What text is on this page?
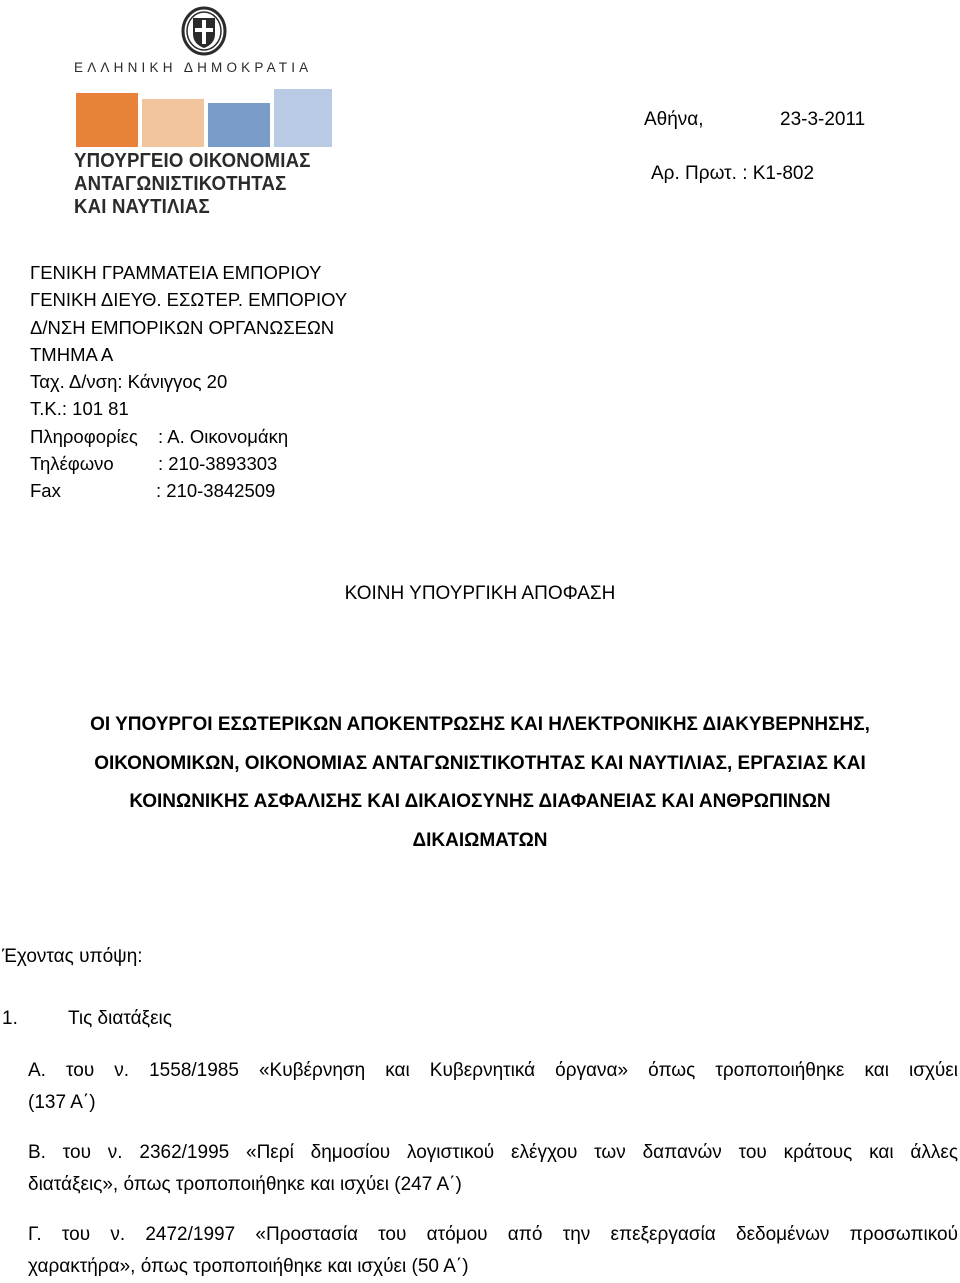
ΕΛΛΗΝΙΚΗ ΔΗΜΟΚΡΑΤΙΑ
ΥΠΟΥΡΓΕΙΟ ΟΙΚΟΝΟΜΙΑΣ
ΑΝΤΑΓΩΝΙΣΤΙΚΟΤΗΤΑΣ
ΚΑΙ ΝΑΥΤΙΛΙΑΣ
Αθήνα,	23-3-2011
Αρ. Πρωτ. : Κ1-802
ΓΕΝΙΚΗ ΓΡΑΜΜΑΤΕΙΑ ΕΜΠΟΡΙΟΥ
ΓΕΝΙΚΗ ΔΙΕΥΘ. ΕΣΩΤΕΡ. ΕΜΠΟΡΙΟΥ
Δ/ΝΣΗ ΕΜΠΟΡΙΚΩΝ ΟΡΓΑΝΩΣΕΩΝ
ΤΜΗΜΑ Α
Ταχ. Δ/νση: Κάνιγγος 20
Τ.Κ.: 101 81
Πληροφορίες : Α. Οικονομάκη
Τηλέφωνο : 210-3893303
Fax	: 210-3842509
ΚΟΙΝΗ ΥΠΟΥΡΓΙΚΗ ΑΠΟΦΑΣΗ
ΟΙ ΥΠΟΥΡΓΟΙ ΕΣΩΤΕΡΙΚΩΝ ΑΠΟΚΕΝΤΡΩΣΗΣ ΚΑΙ ΗΛΕΚΤΡΟΝΙΚΗΣ ΔΙΑΚΥΒΕΡΝΗΣΗΣ,
ΟΙΚΟΝΟΜΙΚΩΝ, ΟΙΚΟΝΟΜΙΑΣ ΑΝΤΑΓΩΝΙΣΤΙΚΟΤΗΤΑΣ ΚΑΙ ΝΑΥΤΙΛΙΑΣ, ΕΡΓΑΣΙΑΣ ΚΑΙ
ΚΟΙΝΩΝΙΚΗΣ ΑΣΦΑΛΙΣΗΣ ΚΑΙ ΔΙΚΑΙΟΣΥΝΗΣ ΔΙΑΦΑΝΕΙΑΣ ΚΑΙ ΑΝΘΡΩΠΙΝΩΝ
ΔΙΚΑΙΩΜΑΤΩΝ
Έχοντας υπόψη:
1.	Τις διατάξεις
Α. του ν. 1558/1985 «Κυβέρνηση και Κυβερνητικά όργανα» όπως τροποποιήθηκε και ισχύει
(137 Α΄)
Β. του ν. 2362/1995 «Περί δημοσίου λογιστικού ελέγχου των δαπανών του κράτους και άλλες
διατάξεις», όπως τροποποιήθηκε και ισχύει (247 Α΄)
Γ. του ν. 2472/1997 «Προστασία του ατόμου από την επεξεργασία δεδομένων προσωπικού
χαρακτήρα», όπως τροποποιήθηκε και ισχύει (50 Α΄)
